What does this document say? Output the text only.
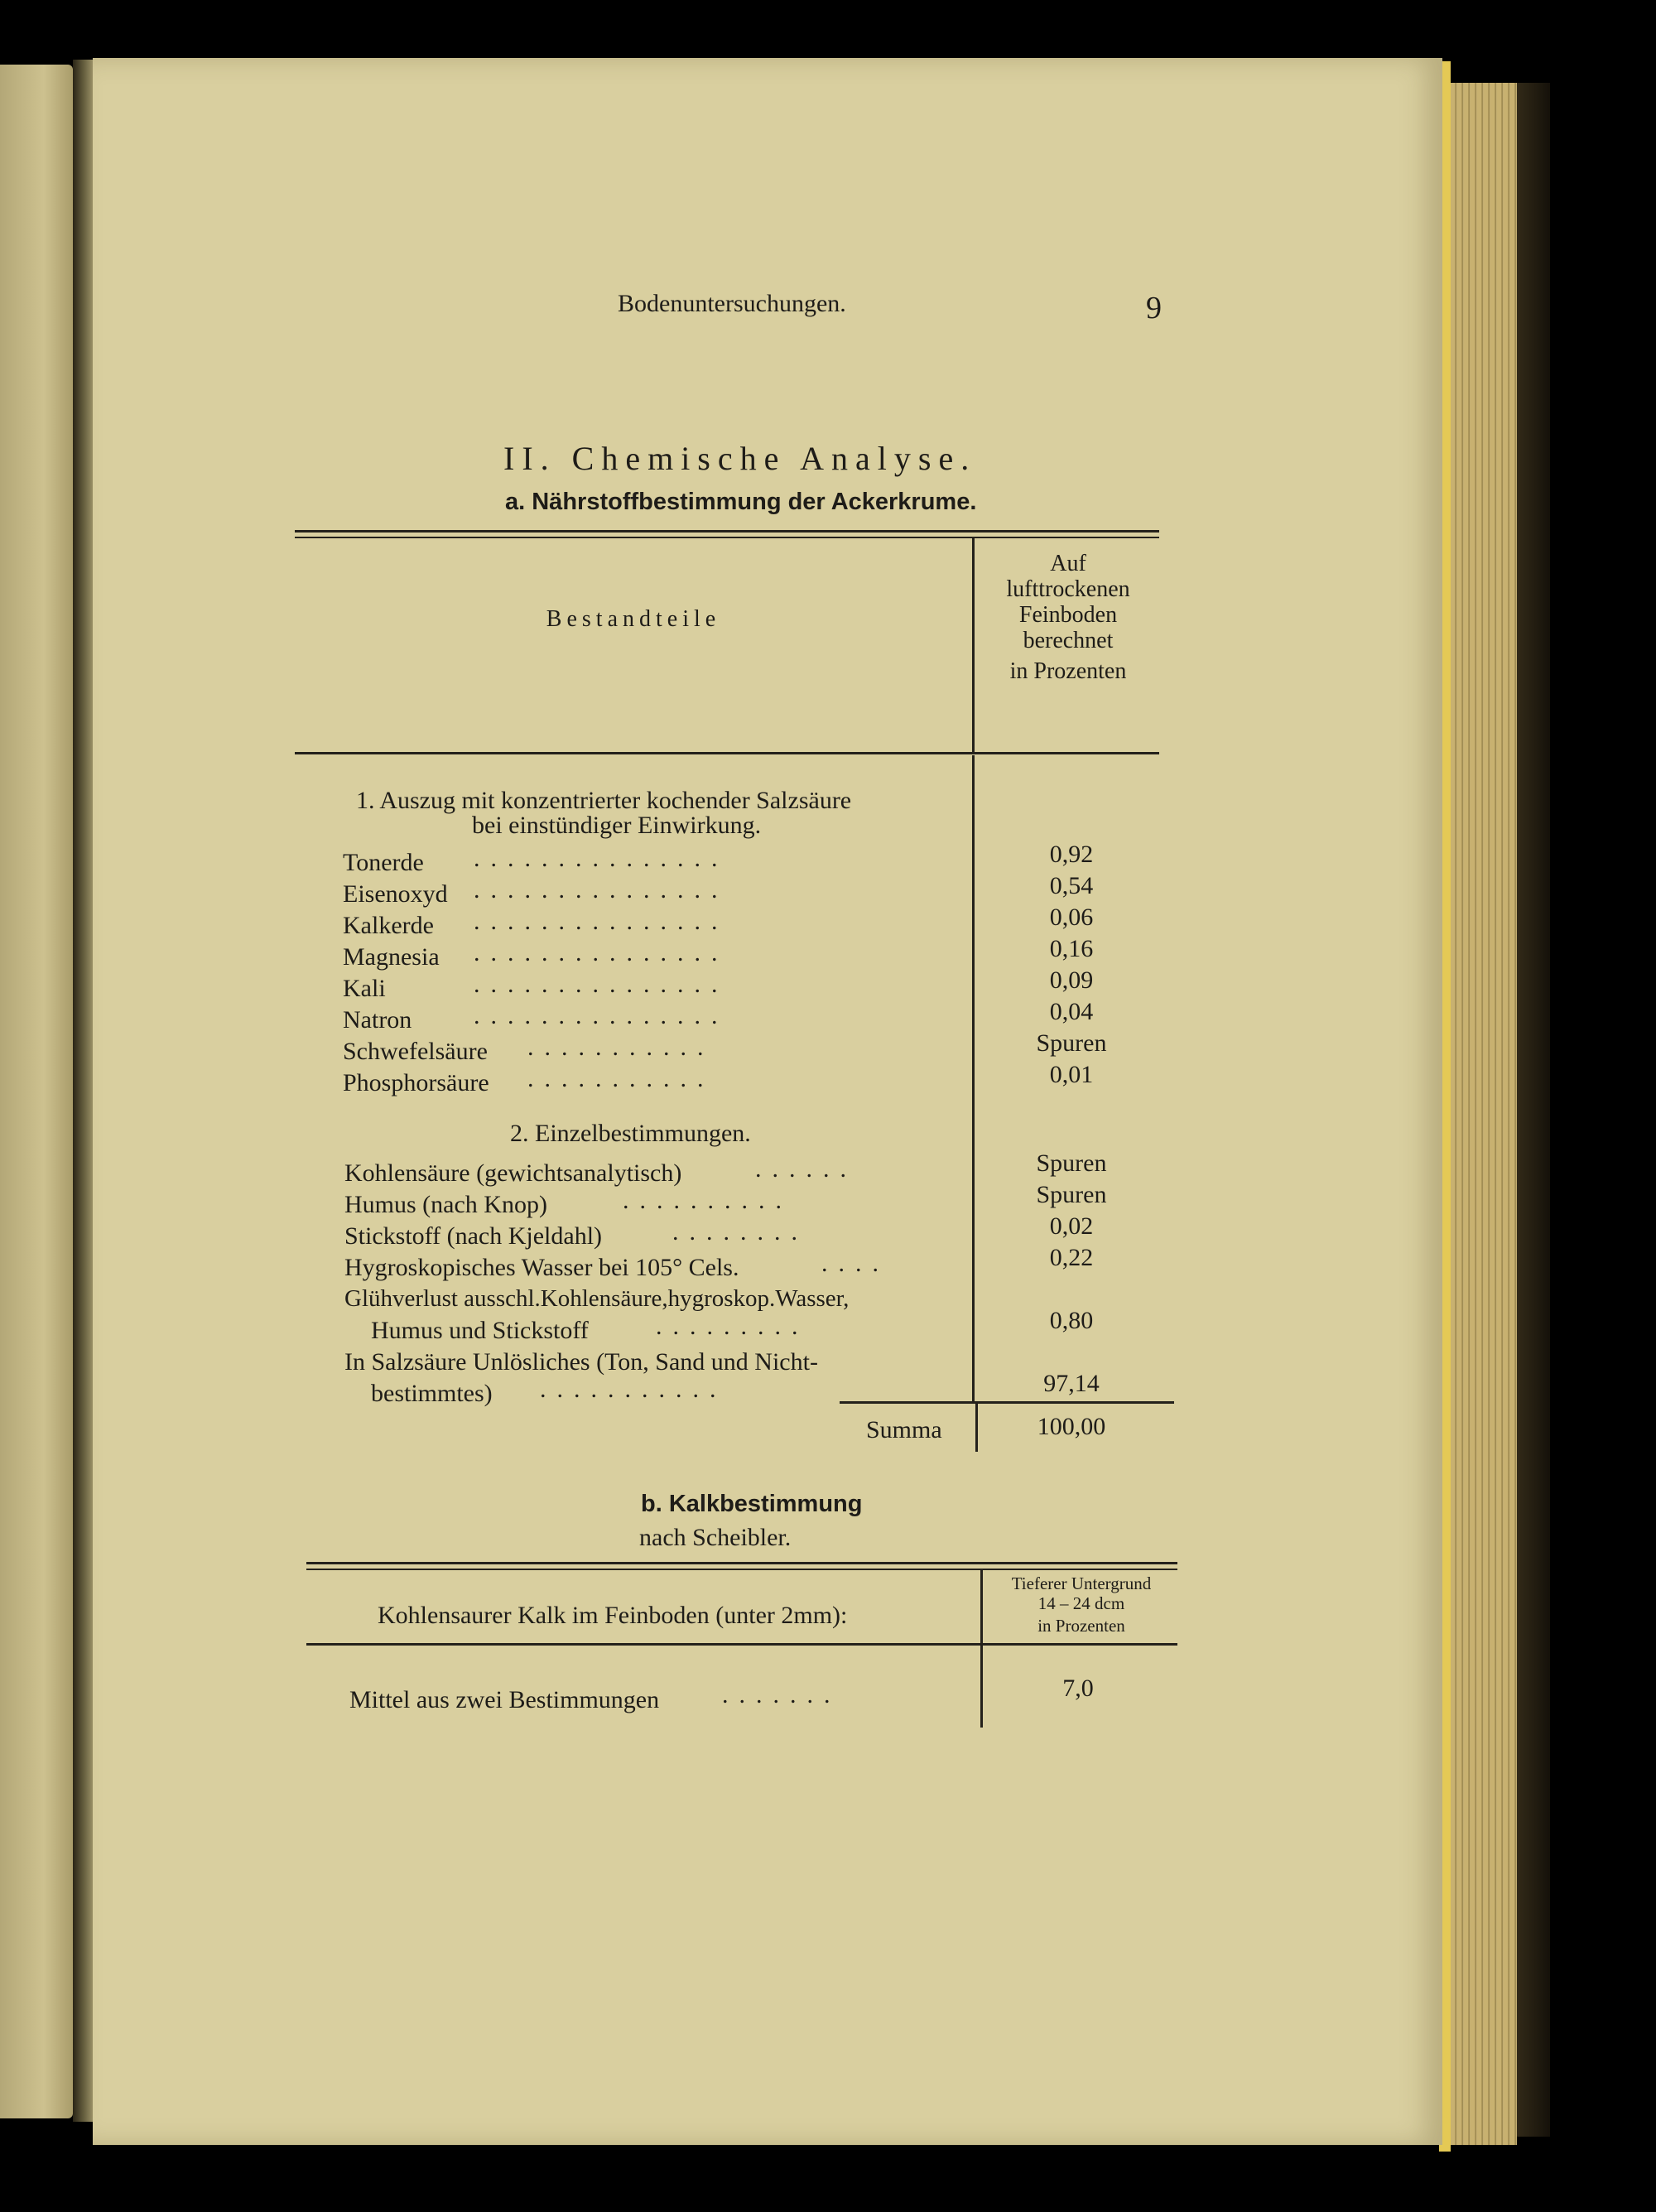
Bodenuntersuchungen.	9
II. Chemische Analyse.
a. Nährstoffbestimmung der Ackerkrume.
Bestandteile
Auf
lufttrockenen
Feinboden
berechnet
in Prozenten
1. Auszug mit konzentrierter kochender Salzsäure
bei einstündiger Einwirkung.
Tonerde ...............	0,92
Eisenoxyd ...............	0,54
Kalkerde ...............	0,06
Magnesia ...............	0,16
Kali	...............	0,09
Natron ...............	0,04
Schwefelsäure ...........	Spuren
Phosphorsäure ...........	0,01
2. Einzelbestimmungen.
Kohlensäure (gewichtsanalytisch)	......	Spuren
Humus (nach Knop)	..........	Spuren
Stickstoff (nach Kjeldahl)	........	0,02
Hygroskopisches Wasser bei 105° Cels.	....	0,22
Glühverlust ausschl.Kohlensäure,hygroskop.Wasser,
Humus und Stickstoff	.........	0,80
In Salzsäure Unlösliches (Ton, Sand und Nicht-
bestimmtes) ...........	97,14
Summa	100,00
b. Kalkbestimmung
nach Scheibler.
Kohlensaurer Kalk im Feinboden (unter 2mm):
Tieferer Untergrund
14 – 24 dcm
in Prozenten
Mittel aus zwei Bestimmungen	.......	7,0
